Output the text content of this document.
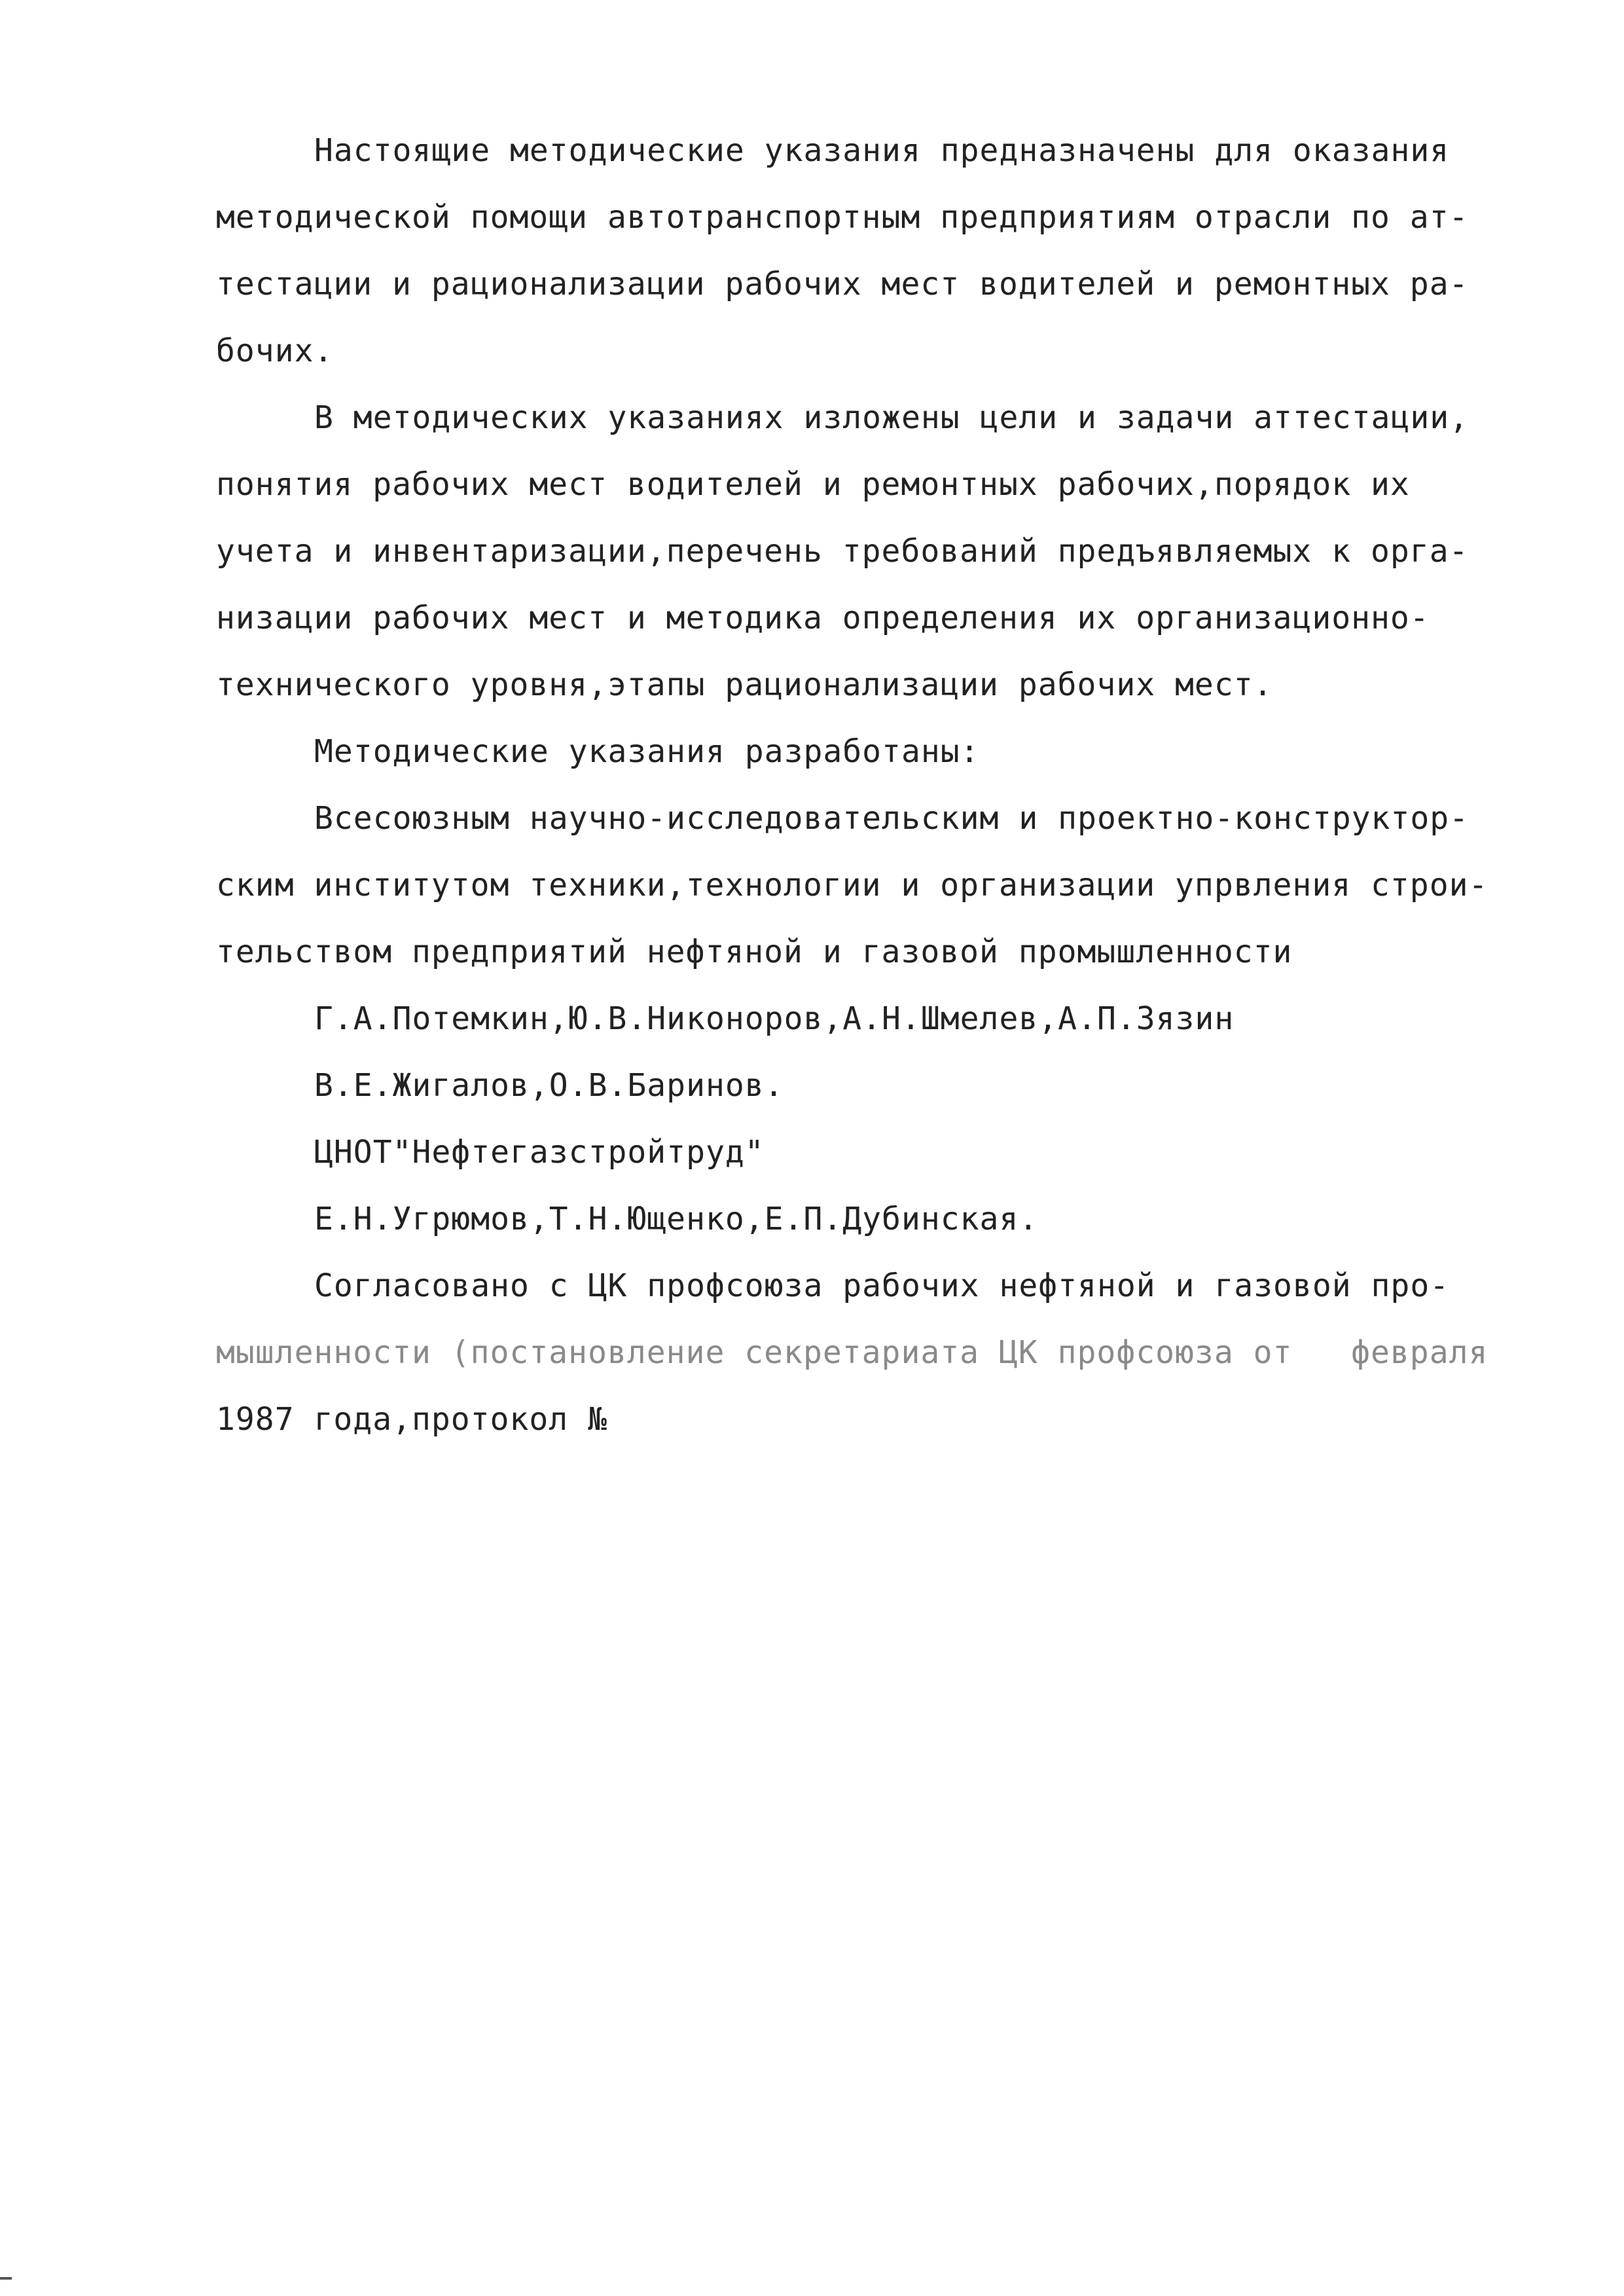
Настоящие методические указания предназначены для оказания
методической помощи автотранспортным предприятиям отрасли по ат-
тестации и рационализации рабочих мест водителей и ремонтных ра-
бочих.
В методических указаниях изложены цели и задачи аттестации,
понятия рабочих мест водителей и ремонтных рабочих,порядок их
учета и инвентаризации,перечень требований предъявляемых к орга-
низации рабочих мест и методика определения их организационно-
технического уровня,этапы рационализации рабочих мест.
Методические указания разработаны:
Всесоюзным научно-исследовательским и проектно-конструктор-
ским институтом техники,технологии и организации упрвления строи-
тельством предприятий нефтяной и газовой промышленности
Г.А.Потемкин,Ю.В.Никоноров,А.Н.Шмелев,А.П.Зязин
В.Е.Жигалов,О.В.Баринов.
ЦНОТ"Нефтегазстройтруд"
Е.Н.Угрюмов,Т.Н.Ющенко,Е.П.Дубинская.
Согласовано с ЦК профсоюза рабочих нефтяной и газовой про-
мышленности (постановление секретариата ЦК профсоюза от   февраля
1987 года,протокол №
